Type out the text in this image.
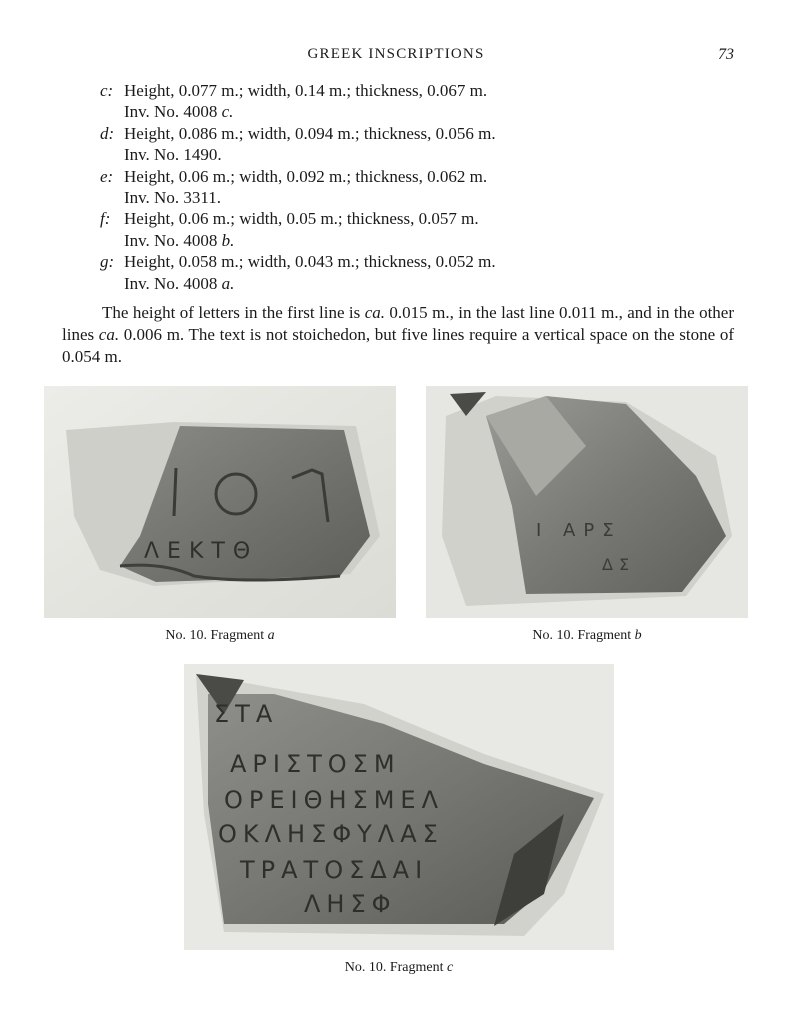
GREEK INSCRIPTIONS	73
c: Height, 0.077 m.; width, 0.14 m.; thickness, 0.067 m.
Inv. No. 4008 c.
d: Height, 0.086 m.; width, 0.094 m.; thickness, 0.056 m.
Inv. No. 1490.
e: Height, 0.06 m.; width, 0.092 m.; thickness, 0.062 m.
Inv. No. 3311.
f: Height, 0.06 m.; width, 0.05 m.; thickness, 0.057 m.
Inv. No. 4008 b.
g: Height, 0.058 m.; width, 0.043 m.; thickness, 0.052 m.
Inv. No. 4008 a.
The height of letters in the first line is ca. 0.015 m., in the last line 0.011 m., and in the other lines ca. 0.006 m. The text is not stoichedon, but five lines require a vertical space on the stone of 0.054 m.
ΛΕΚΤΘ
No. 10. Fragment a
Ι ΑΡΣ
ΔΣ
No. 10. Fragment b
ΣΤΑ
ΑΡΙΣΤΟΣΜ
ΟΡΕΙΘΗΣΜΕΛ
ΟΚΛΗΣΦΥΛΑΣ
ΤΡΑΤΟΣΔΑΙ
ΛΗΣΦ
No. 10. Fragment c
